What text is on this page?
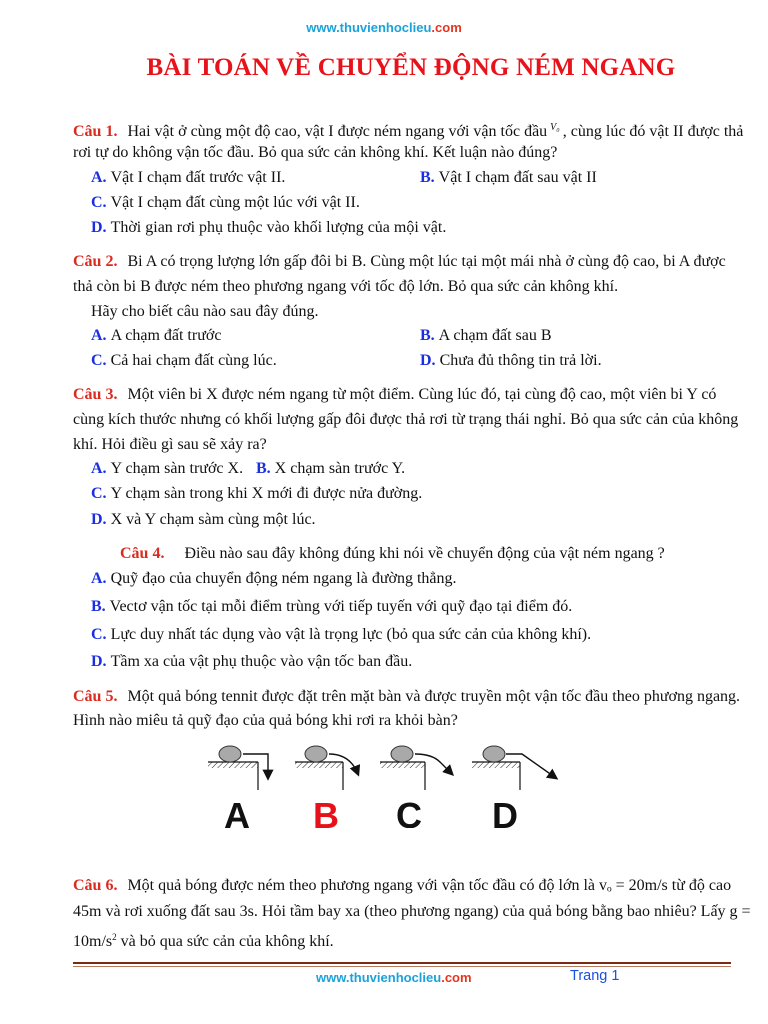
www.thuvienhoclieu.com
BÀI TOÁN VỀ CHUYỂN ĐỘNG NÉM NGANG
Câu 1. Hai vật ở cùng một độ cao, vật I được ném ngang với vận tốc đầu $^{V_0}$ , cùng lúc đó vật II được thả
rơi tự do không vận tốc đầu. Bỏ qua sức cản không khí. Kết luận nào đúng?
A. Vật I chạm đất trước vật II.	B. Vật I chạm đất sau vật II
C. Vật I chạm đất cùng một lúc với vật II.
D. Thời gian rơi phụ thuộc vào khối lượng của mội vật.
Câu 2. Bi A có trọng lượng lớn gấp đôi bi B. Cùng một lúc tại một mái nhà ở cùng độ cao, bi A được
thả còn bi B được ném theo phương ngang với tốc độ lớn. Bỏ qua sức cản không khí.
Hãy cho biết câu nào sau đây đúng.
A. A chạm đất trước	B. A chạm đất sau B
C. Cả hai chạm đất cùng lúc.	D. Chưa đủ thông tin trả lời.
Câu 3. Một viên bi X được ném ngang từ một điểm. Cùng lúc đó, tại cùng độ cao, một viên bi Y có
cùng kích thước nhưng có khối lượng gấp đôi được thả rơi từ trạng thái nghỉ. Bỏ qua sức cản của không
khí. Hỏi điều gì sau sẽ xảy ra?
A. Y chạm sàn trước X. B. X chạm sàn trước Y.
C. Y chạm sàn trong khi X mới đi được nửa đường.
D. X và Y chạm sàm cùng một lúc.
Câu 4. Điều nào sau đây không đúng khi nói về chuyển động của vật ném ngang ?
A. Quỹ đạo của chuyển động ném ngang là đường thẳng.
B. Vectơ vận tốc tại mỗi điểm trùng với tiếp tuyến với quỹ đạo tại điểm đó.
C. Lực duy nhất tác dụng vào vật là trọng lực (bỏ qua sức cản của không khí).
D. Tầm xa của vật phụ thuộc vào vận tốc ban đầu.
Câu 5. Một quả bóng tennit được đặt trên mặt bàn và được truyền một vận tốc đầu theo phương ngang.
Hình nào miêu tả quỹ đạo của quả bóng khi rơi ra khỏi bàn?
A B C D
Câu 6. Một quả bóng được ném theo phương ngang với vận tốc đầu có độ lớn là vₒ = 20m/s từ độ cao
45m và rơi xuống đất sau 3s. Hỏi tầm bay xa (theo phương ngang) của quả bóng bằng bao nhiêu? Lấy g =
$10m/s^2$ và bỏ qua sức cản của không khí.
www.thuvienhoclieu.com	Trang 1
